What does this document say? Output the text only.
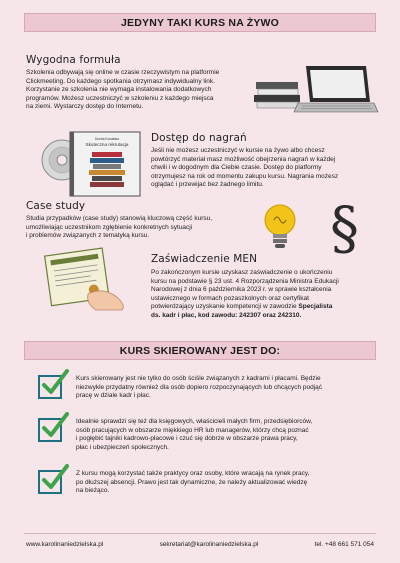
JEDYNY TAKI KURS NA ŻYWO
Wygodna formuła
Szkolenia odbywają się online w czasie rzeczywistym na platformie
Clickmeeting. Do każdego spotkania otrzymasz indywidualny link.
Korzystanie ze szkolenia nie wymaga instalowania dodatkowych
programów. Możesz uczestniczyć w szkoleniu z każdego miejsca
na ziemi. Wystarczy dostęp do Internetu.
Dorota Kowalska
Skuteczna rekrutacja
Dostęp do nagrań
Jeśli nie możesz uczestniczyć w kursie na żywo albo chcesz
powtórzyć materiał masz możliwość obejrzenia nagrań w każdej
chwili i w dogodnym dla Ciebie czasie. Dostęp do platformy
otrzymujesz na rok od momentu zakupu kursu. Nagrania możesz
oglądać i przewijać bez żadnego limitu.
Case study
Studia przypadków (case study) stanowią kluczową część kursu,
umożliwiając uczestnikom zgłębienie konkretnych sytuacji
i problemów związanych z tematyką kursu.	§
Zaświadczenie MEN
Po zakończonym kursie uzyskasz zaświadczenie o ukończeniu
kursu na podstawie § 23 ust. 4 Rozporządzenia Ministra Edukacji
Narodowej z dnia 6 października 2023 r. w sprawie kształcenia
ustawicznego w formach pozaszkolnych oraz certyfikat
potwierdzający uzyskanie kompetencji w zawodzie Specjalista
ds. kadr i płac, kod zawodu: 242307 oraz 242310.
KURS SKIEROWANY JEST DO:
Kurs skierowany jest nie tylko do osób ściśle związanych z kadrami i płacami. Będzie
niezwykle przydatny również dla osób dopiero rozpoczynających lub chcących podjąć
pracę w dziale kadr i płac.
Idealnie sprawdzi się też dla księgowych, właścicieli małych firm, przedsiębiorców,
osób pracujących w obszarze miękkiego HR lub managerów, którzy chcą poznać
i pogłębić tajniki kadrowo-płacowe i czuć się dobrze w obszarze prawa pracy,
płac i ubezpieczeń społecznych.
Z kursu mogą korzystać także praktycy oraz osoby, które wracają na rynek pracy,
po dłuższej absencji. Prawo jest tak dynamiczne, że należy aktualizować wiedzę
na bieżąco.
www.karolinaniedzielska.pl	sekretariat@karolinaniedzielska.pl	tel. +48 661 571 054
